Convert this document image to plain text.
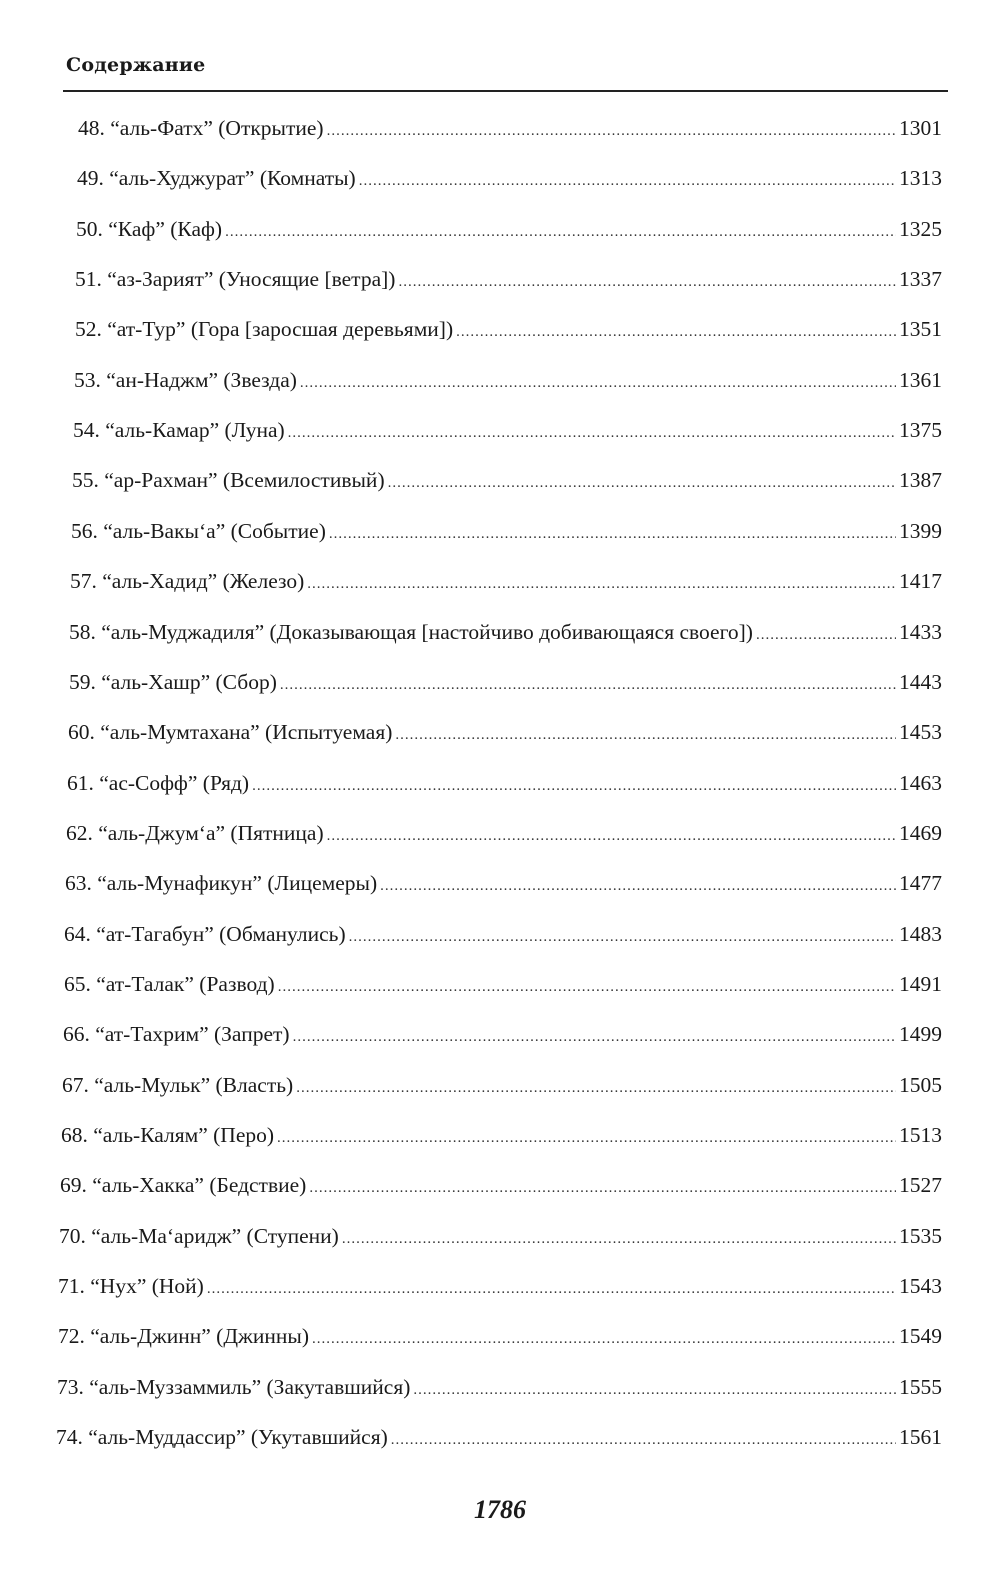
Содержание
48. “аль-Фатх” (Открытие) .....	1301
49. “аль-Худжурат” (Комнаты) .....	1313
50. “Каф” (Каф) .....	1325
51. “аз-Зарият” (Уносящие [ветра]) .....	1337
52. “ат-Тур” (Гора [заросшая деревьями]) .....	1351
53. “ан-Наджм” (Звезда) .....	1361
54. “аль-Камар” (Луна) .....	1375
55. “ар-Рахман” (Всемилостивый) .....	1387
56. “аль-Вакы‘а” (Событие) .....	1399
57. “аль-Хадид” (Железо) .....	1417
58. “аль-Муджадиля” (Доказывающая [настойчиво добивающаяся своего]) .....	1433
59. “аль-Хашр” (Сбор) .....	1443
60. “аль-Мумтахана” (Испытуемая) .....	1453
61. “ас-Софф” (Ряд) .....	1463
62. “аль-Джум‘а” (Пятница) .....	1469
63. “аль-Мунафикун” (Лицемеры) .....	1477
64. “ат-Тагабун” (Обманулись) .....	1483
65. “ат-Талак” (Развод) .....	1491
66. “ат-Тахрим” (Запрет) .....	1499
67. “аль-Мульк” (Власть) .....	1505
68. “аль-Калям” (Перо) .....	1513
69. “аль-Хакка” (Бедствие) .....	1527
70. “аль-Ма‘аридж” (Ступени) .....	1535
71. “Нух” (Ной) .....	1543
72. “аль-Джинн” (Джинны) .....	1549
73. “аль-Муззаммиль” (Закутавшийся) .....	1555
74. “аль-Муддассир” (Укутавшийся) .....	1561
1786
